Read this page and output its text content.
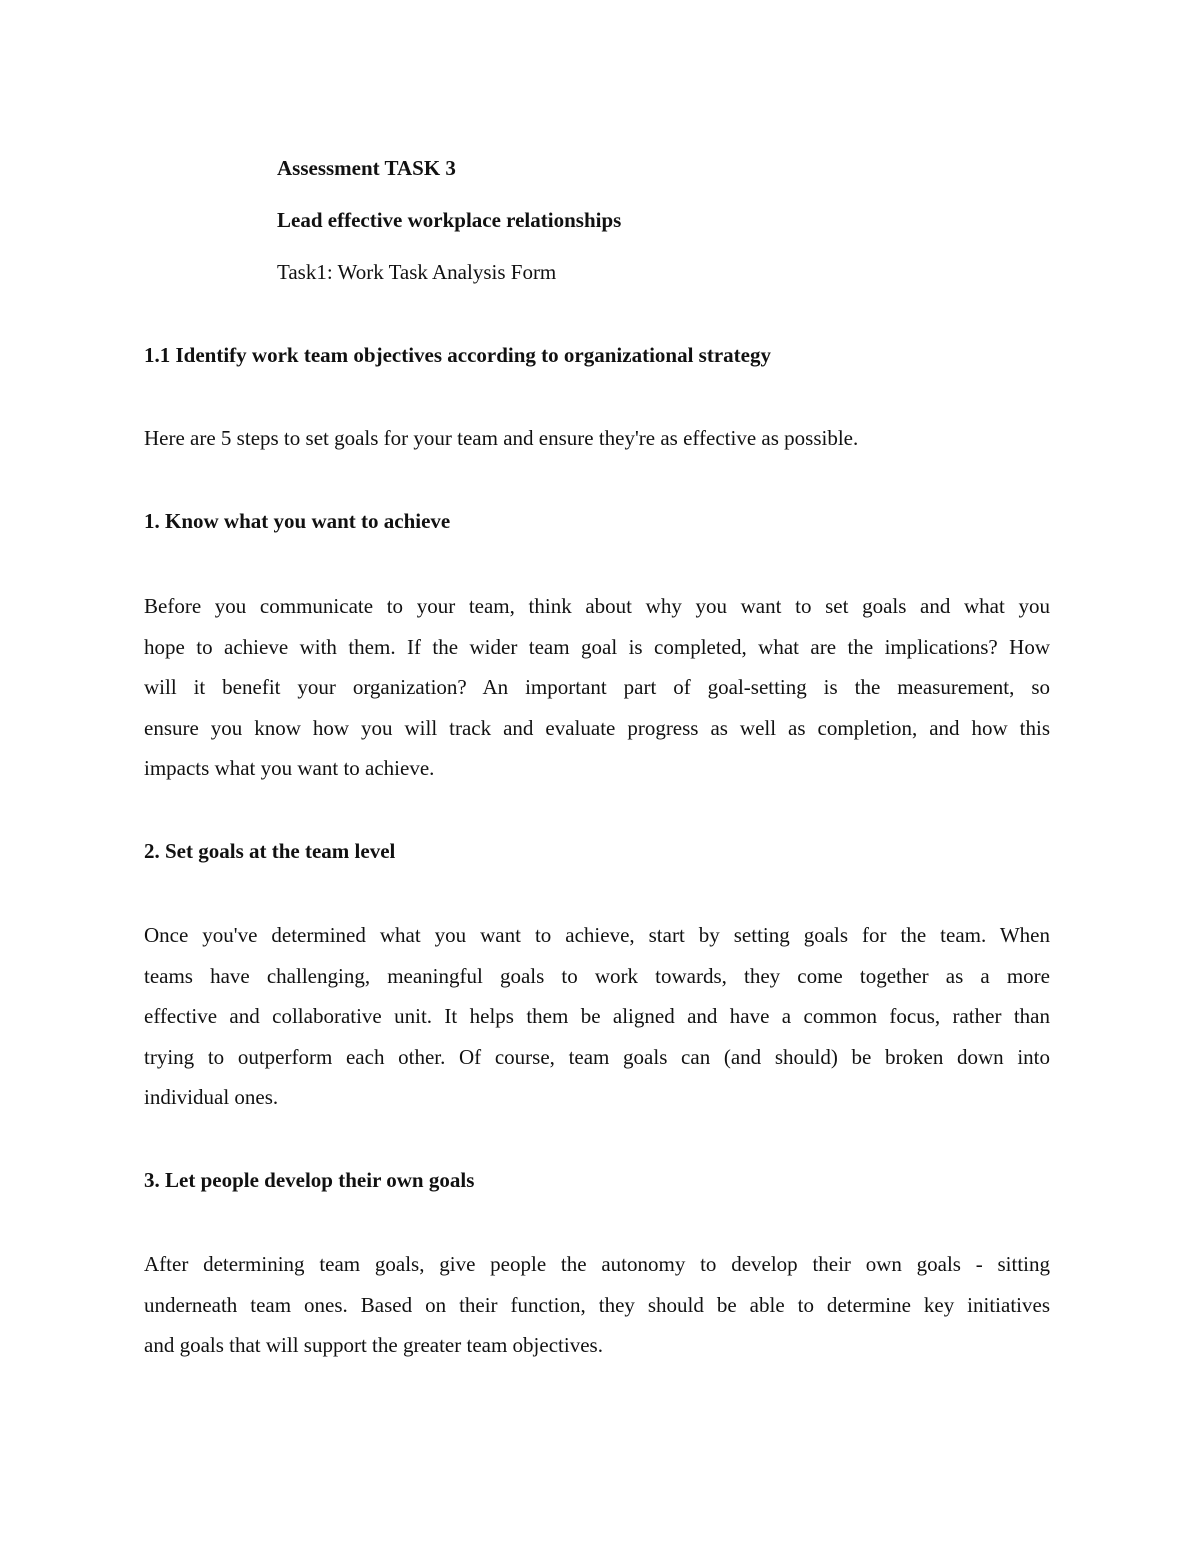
Assessment TASK 3

Lead effective workplace relationships

Task1: Work Task Analysis Form

1.1 Identify work team objectives according to organizational strategy

Here are 5 steps to set goals for your team and ensure they're as effective as possible.

1. Know what you want to achieve

Before you communicate to your team, think about why you want to set goals and what you
hope to achieve with them. If the wider team goal is completed, what are the implications? How
will it benefit your organization? An important part of goal-setting is the measurement, so
ensure you know how you will track and evaluate progress as well as completion, and how this
impacts what you want to achieve.

2. Set goals at the team level

Once you've determined what you want to achieve, start by setting goals for the team. When
teams have challenging, meaningful goals to work towards, they come together as a more
effective and collaborative unit. It helps them be aligned and have a common focus, rather than
trying to outperform each other. Of course, team goals can (and should) be broken down into
individual ones.

3. Let people develop their own goals

After determining team goals, give people the autonomy to develop their own goals - sitting
underneath team ones. Based on their function, they should be able to determine key initiatives
and goals that will support the greater team objectives.
